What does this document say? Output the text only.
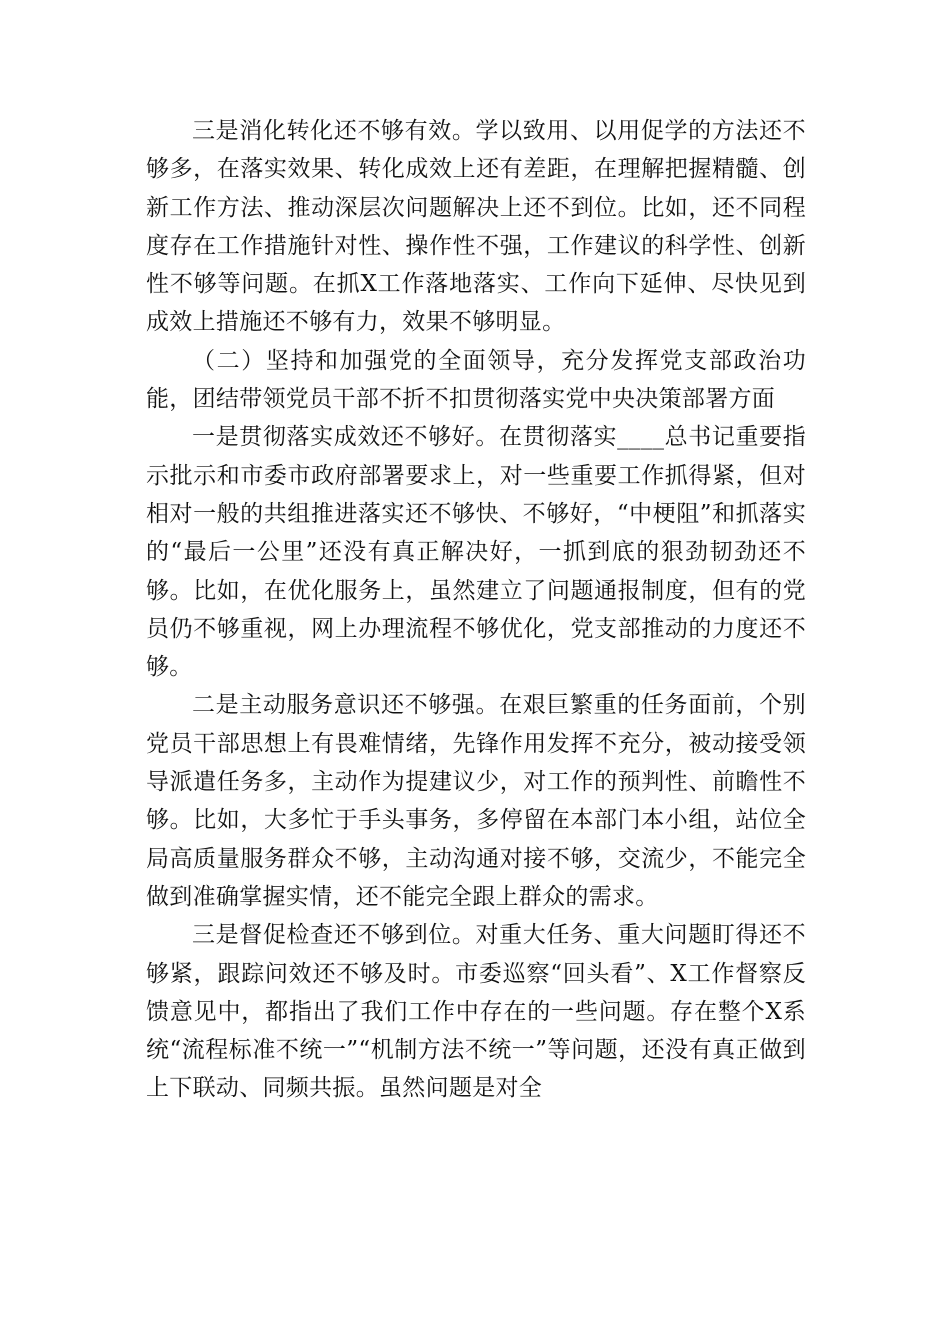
三是消化转化还不够有效。学以致用、以用促学的方法还不够多，在落实效果、转化成效上还有差距，在理解把握精髓、创新工作方法、推动深层次问题解决上还不到位。比如，还不同程度存在工作措施针对性、操作性不强，工作建议的科学性、创新性不够等问题。在抓X工作落地落实、工作向下延伸、尽快见到成效上措施还不够有力，效果不够明显。

（二）坚持和加强党的全面领导，充分发挥党支部政治功能，团结带领党员干部不折不扣贯彻落实党中央决策部署方面

一是贯彻落实成效还不够好。在贯彻落实____总书记重要指示批示和市委市政府部署要求上，对一些重要工作抓得紧，但对相对一般的共组推进落实还不够快、不够好，“中梗阻”和抓落实的“最后一公里”还没有真正解决好，一抓到底的狠劲韧劲还不够。比如，在优化服务上，虽然建立了问题通报制度，但有的党员仍不够重视，网上办理流程不够优化，党支部推动的力度还不够。

二是主动服务意识还不够强。在艰巨繁重的任务面前，个别党员干部思想上有畏难情绪，先锋作用发挥不充分，被动接受领导派遣任务多，主动作为提建议少，对工作的预判性、前瞻性不够。比如，大多忙于手头事务，多停留在本部门本小组，站位全局高质量服务群众不够，主动沟通对接不够，交流少，不能完全做到准确掌握实情，还不能完全跟上群众的需求。

三是督促检查还不够到位。对重大任务、重大问题盯得还不够紧，跟踪问效还不够及时。市委巡察“回头看”、X工作督察反馈意见中，都指出了我们工作中存在的一些问题。存在整个X系统“流程标准不统一”“机制方法不统一”等问题，还没有真正做到上下联动、同频共振。虽然问题是对全
